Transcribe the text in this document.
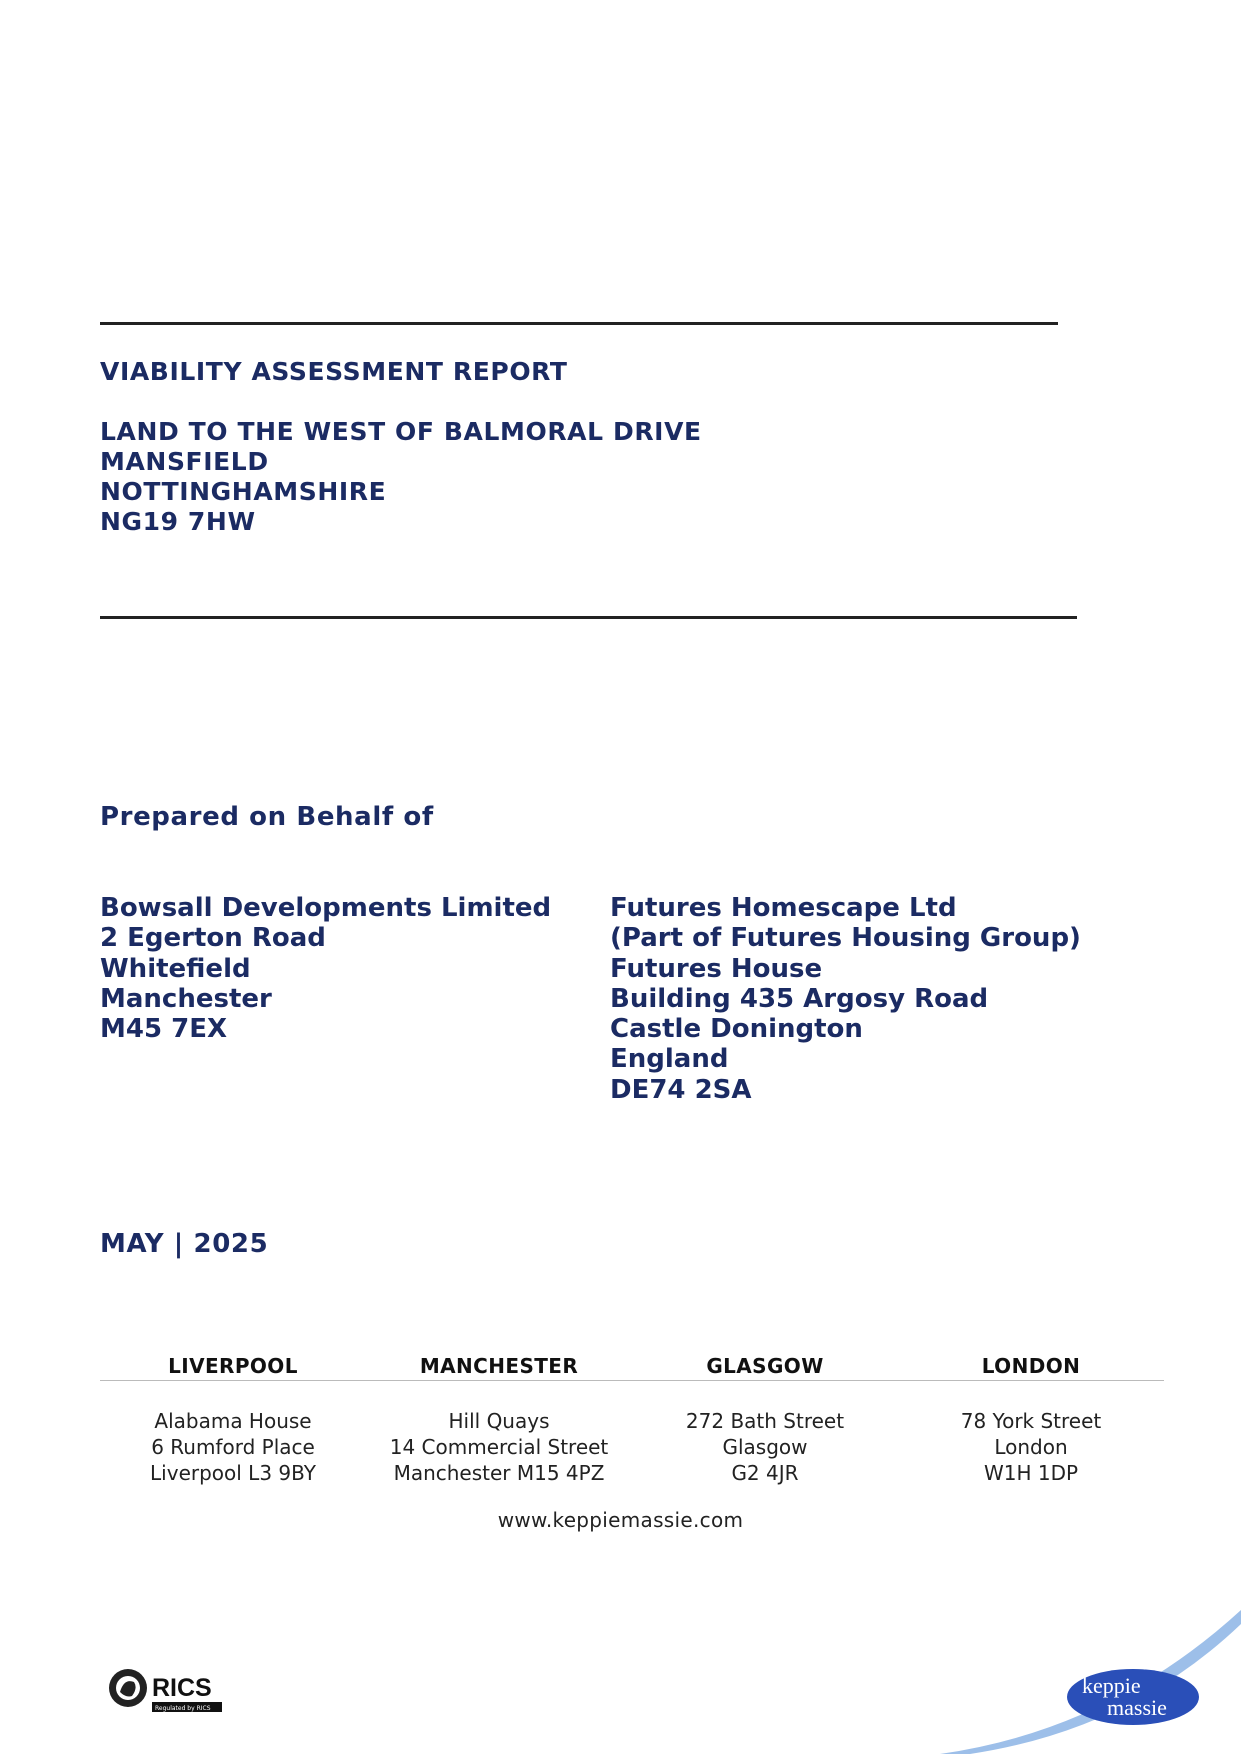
VIABILITY ASSESSMENT REPORT
LAND TO THE WEST OF BALMORAL DRIVE
MANSFIELD
NOTTINGHAMSHIRE
NG19 7HW
Prepared on Behalf of
Bowsall Developments Limited
2 Egerton Road
Whitefield
Manchester
M45 7EX
Futures Homescape Ltd
(Part of Futures Housing Group)
Futures House
Building 435 Argosy Road
Castle Donington
England
DE74 2SA
MAY | 2025
LIVERPOOL
Alabama House
6 Rumford Place
Liverpool L3 9BY
MANCHESTER
Hill Quays
14 Commercial Street
Manchester M15 4PZ
GLASGOW
272 Bath Street
Glasgow
G2 4JR
LONDON
78 York Street
London
W1H 1DP
www.keppiemassie.com
RICS
Regulated by RICS
keppie
massie
